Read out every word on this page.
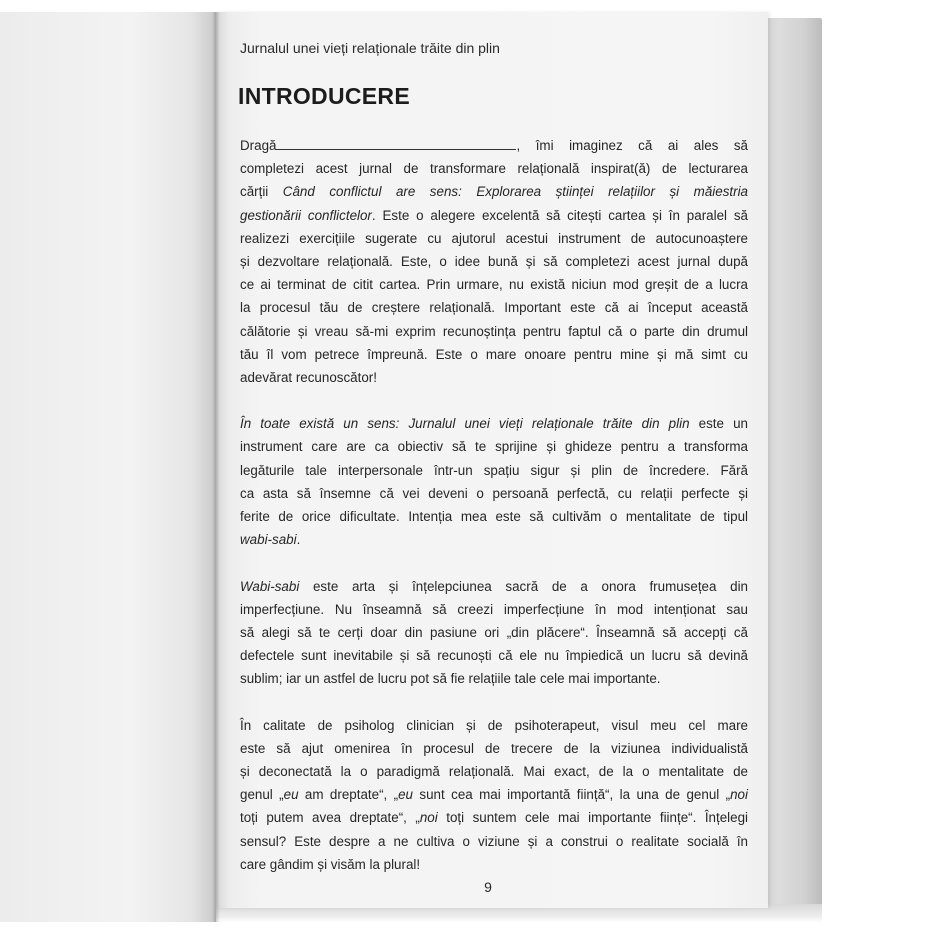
Jurnalul unei vieți relaționale trăite din plin
INTRODUCERE
Dragă	, îmi imaginez că ai ales să
completezi acest jurnal de transformare relațională inspirat(ă) de lecturarea
cărții Când conflictul are sens: Explorarea științei relațiilor și măiestria
gestionării conflictelor. Este o alegere excelentă să citești cartea și în paralel să
realizezi exercițiile sugerate cu ajutorul acestui instrument de autocunoaștere
și dezvoltare relațională. Este, o idee bună și să completezi acest jurnal după
ce ai terminat de citit cartea. Prin urmare, nu există niciun mod greșit de a lucra
la procesul tău de creștere relațională. Important este că ai început această
călătorie și vreau să-mi exprim recunoștința pentru faptul că o parte din drumul
tău îl vom petrece împreună. Este o mare onoare pentru mine și mă simt cu
adevărat recunoscător!
În toate există un sens: Jurnalul unei vieți relaționale trăite din plin este un
instrument care are ca obiectiv să te sprijine și ghideze pentru a transforma
legăturile tale interpersonale într-un spațiu sigur și plin de încredere. Fără
ca asta să însemne că vei deveni o persoană perfectă, cu relații perfecte și
ferite de orice dificultate. Intenția mea este să cultivăm o mentalitate de tipul
wabi-sabi.
Wabi-sabi este arta și înțelepciunea sacră de a onora frumusețea din
imperfecțiune. Nu înseamnă să creezi imperfecțiune în mod intenționat sau
să alegi să te cerți doar din pasiune ori „din plăcere“. Înseamnă să accepți că
defectele sunt inevitabile și să recunoști că ele nu împiedică un lucru să devină
sublim; iar un astfel de lucru pot să fie relațiile tale cele mai importante.
În calitate de psiholog clinician și de psihoterapeut, visul meu cel mare
este să ajut omenirea în procesul de trecere de la viziunea individualistă
și deconectată la o paradigmă relațională. Mai exact, de la o mentalitate de
genul „eu am dreptate“, „eu sunt cea mai importantă ființă“, la una de genul „noi
toți putem avea dreptate“, „noi toți suntem cele mai importante ființe“. Înțelegi
sensul? Este despre a ne cultiva o viziune și a construi o realitate socială în
care gândim și visăm la plural!
9
